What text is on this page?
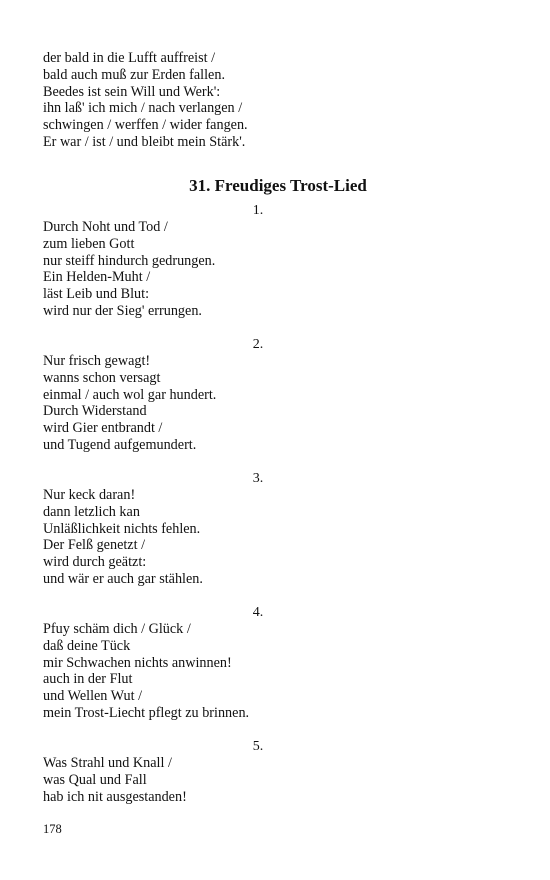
der bald in die Lufft auffreist /
bald auch muß zur Erden fallen.
Beedes ist sein Will und Werk':
ihn laß' ich mich / nach verlangen /
schwingen / werffen / wider fangen.
Er war / ist / und bleibt mein Stärk'.
31. Freudiges Trost-Lied
1.
Durch Noht und Tod /
zum lieben Gott
nur steiff hindurch gedrungen.
Ein Helden-Muht /
läst Leib und Blut:
wird nur der Sieg' errungen.
2.
Nur frisch gewagt!
wanns schon versagt
einmal / auch wol gar hundert.
Durch Widerstand
wird Gier entbrandt /
und Tugend aufgemundert.
3.
Nur keck daran!
dann letzlich kan
Unläßlichkeit nichts fehlen.
Der Felß genetzt /
wird durch geätzt:
und wär er auch gar stählen.
4.
Pfuy schäm dich / Glück /
daß deine Tück
mir Schwachen nichts anwinnen!
auch in der Flut
und Wellen Wut /
mein Trost-Liecht pflegt zu brinnen.
5.
Was Strahl und Knall /
was Qual und Fall
hab ich nit ausgestanden!
178
